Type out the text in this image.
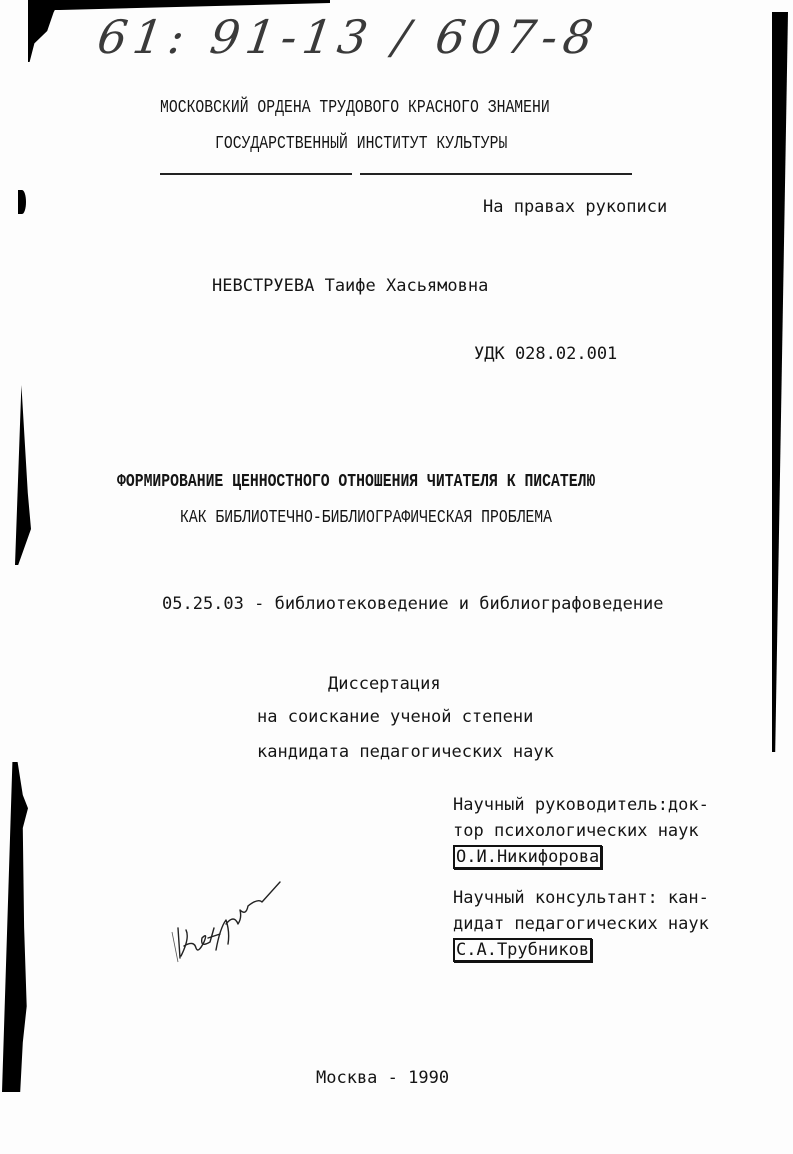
61: 91-13 / 607-8
МОСКОВСКИЙ ОРДЕНА ТРУДОВОГО КРАСНОГО ЗНАМЕНИ
ГОСУДАРСТВЕННЫЙ ИНСТИТУТ КУЛЬТУРЫ
На правах рукописи
НЕВСТРУЕВА Таифе Хасьямовна
УДК 028.02.001
ФОРМИРОВАНИЕ ЦЕННОСТНОГО ОТНОШЕНИЯ ЧИТАТЕЛЯ К ПИСАТЕЛЮ
КАК БИБЛИОТЕЧНО-БИБЛИОГРАФИЧЕСКАЯ ПРОБЛЕМА
05.25.03 - библиотековедение и библиографоведение
Диссертация
на соискание ученой степени
кандидата педагогических наук
Научный руководитель:док-
тор психологических наук
О.И.Никифорова
Научный консультант: кан-
дидат педагогических наук
С.А.Трубников
Москва - 1990
